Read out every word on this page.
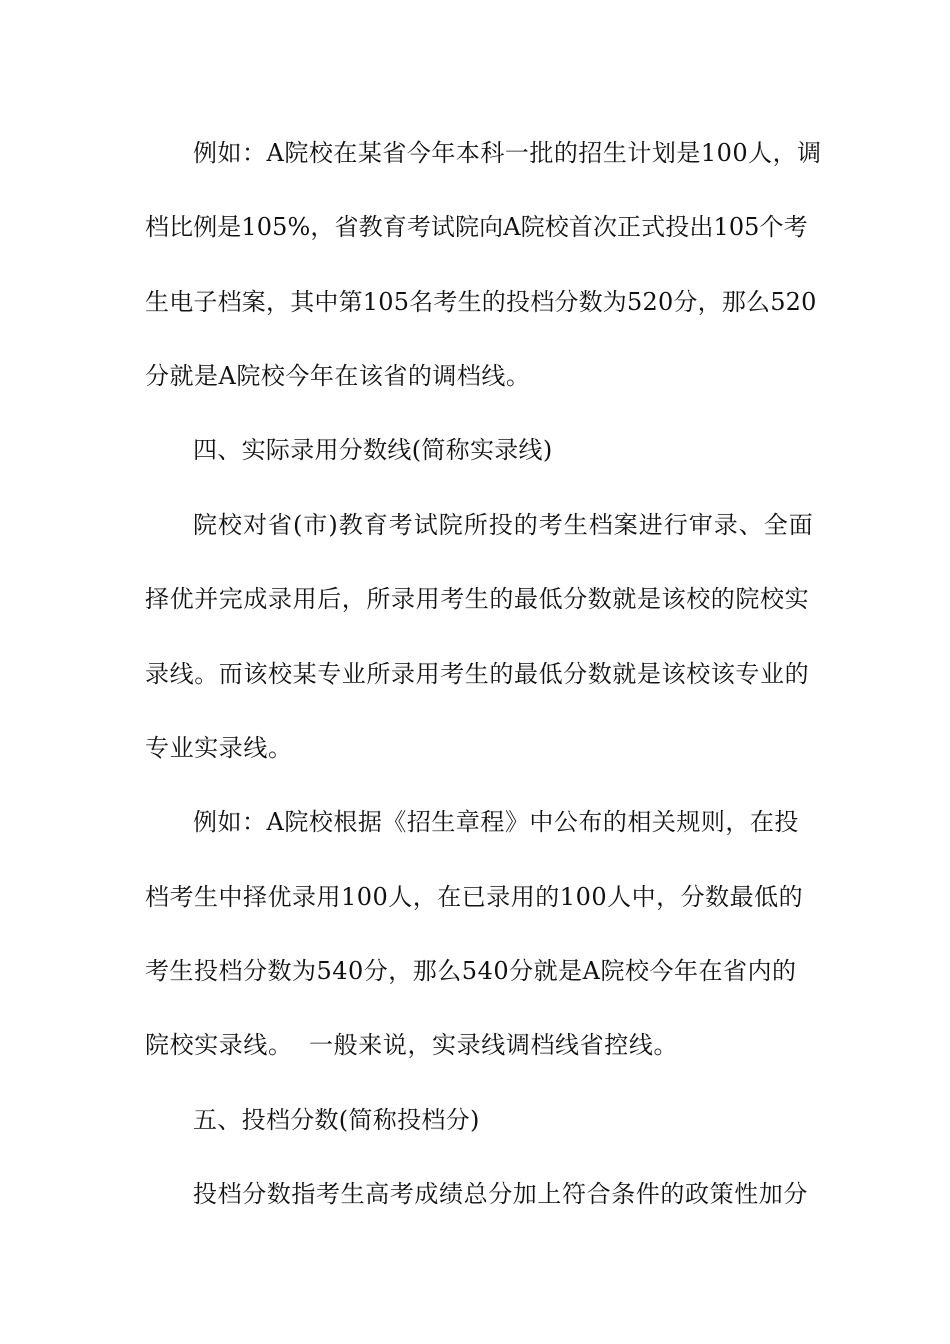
例如：A院校在某省今年本科一批的招生计划是100人，调
档比例是105%，省教育考试院向A院校首次正式投出105个考
生电子档案，其中第105名考生的投档分数为520分，那么520
分就是A院校今年在该省的调档线。
四、实际录用分数线(简称实录线)
院校对省(市)教育考试院所投的考生档案进行审录、全面
择优并完成录用后，所录用考生的最低分数就是该校的院校实
录线。而该校某专业所录用考生的最低分数就是该校该专业的
专业实录线。
例如：A院校根据《招生章程》中公布的相关规则，在投
档考生中择优录用100人，在已录用的100人中，分数最低的
考生投档分数为540分，那么540分就是A院校今年在省内的
院校实录线。  一般来说，实录线调档线省控线。
五、投档分数(简称投档分)
投档分数指考生高考成绩总分加上符合条件的政策性加分
